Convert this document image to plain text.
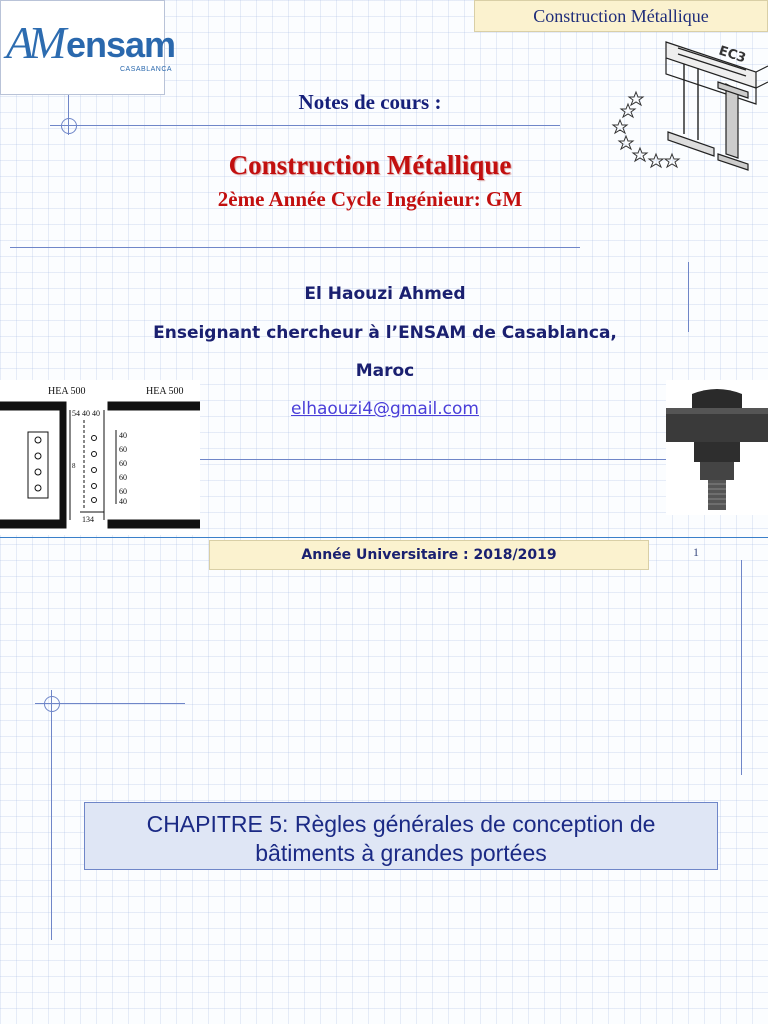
AM ensam
CASABLANCA
Construction Métallique
EC3
Notes de cours :
Construction Métallique
2ème Année Cycle Ingénieur: GM
El Haouzi Ahmed
Enseignant chercheur à l’ENSAM de Casablanca,
Maroc
elhaouzi4@gmail.com
HEA 500	HEA 500
54 40 40
40
60
60
60
60
40
134
8
Année Universitaire : 2018/2019	1
CHAPITRE 5: Règles générales de conception de
bâtiments à grandes portées
